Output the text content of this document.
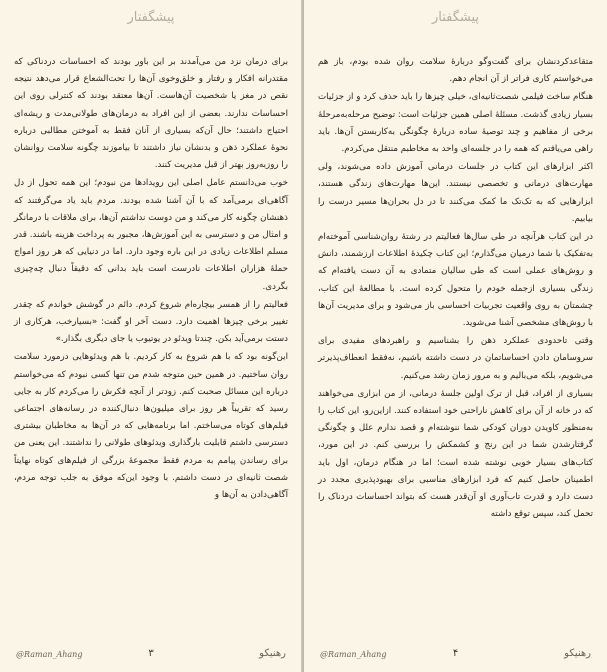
پیشگفتار

برای درمان نزد من می‌آمدند بر این باور بودند که احساسات دردناکی که مقتدرانه افکار و رفتار و خلق‌وخوی آن‌ها را تحت‌الشعاع قرار می‌دهد نتیجه نقص در مغز یا شخصیت آن‌هاست. آن‌ها معتقد بودند که کنترلی روی این احساسات ندارند. بعضی از این افراد به درمان‌های طولانی‌مدت و ریشه‌ای احتیاج داشتند؛ حال آن‌که بسیاری از آنان فقط به آموختن مطالبی درباره نحوهٔ عملکرد ذهن و بدنشان نیاز داشتند تا بیاموزند چگونه سلامت روانشان را روزبه‌روز بهتر از قبل مدیریت کنند.

خوب می‌دانستم عامل اصلی این رویدادها من نبودم؛ این همه تحول از دل آگاهی‌ای برمی‌آمد که با آن آشنا شده بودند. مردم باید یاد می‌گرفتند که ذهنشان چگونه کار می‌کند و من دوست نداشتم آن‌ها، برای ملاقات با درمانگر و امثال من و دسترسی به این آموزش‌ها، مجبور به پرداخت هزینه باشند. قدر مسلم اطلاعات زیادی در این باره وجود دارد. اما در دنیایی که هر روز امواج حملهٔ هزاران اطلاعات نادرست است باید بدانی که دقیقاً دنبال چه‌چیزی بگردی.

فعالیتم را از همسر بیچاره‌ام شروع کردم. دائم در گوشش خواندم که چقدر تغییر برخی چیزها اهمیت دارد. دست آخر او گفت: «بسیارخب، هرکاری از دستت برمی‌آید بکن. چندتا ویدئو در یوتیوب یا جای دیگری بگذار.»

این‌گونه بود که با هم شروع به کار کردیم. با هم ویدئوهایی درمورد سلامت روان ساختیم. در همین حین متوجه شدم من تنها کسی نبودم که می‌خواستم درباره این مسائل صحبت کنم. زودتر از آنچه فکرش را می‌کردم کار به جایی رسید که تقریباً هر روز برای میلیون‌ها دنبال‌کننده در رسانه‌های اجتماعی فیلم‌های کوتاه می‌ساختم. اما برنامه‌هایی که در آن‌ها به مخاطبان بیشتری دسترسی داشتم قابلیت بارگذاری ویدئوهای طولانی را نداشتند. این یعنی من برای رساندن پیامم به مردم فقط مجموعهٔ بزرگی از فیلم‌های کوتاه نهایتاً شصت ثانیه‌ای در دست داشتم. با وجود این‌که موفق به جلب توجه مردم، آگاهی‌دادن به آن‌ها و

@Raman_Ahang	۳	رهنیکو
پیشگفتار

متقاعدکردنشان برای گفت‌وگو دربارهٔ سلامت روان شده بودم، باز هم می‌خواستم کاری فراتر از آن انجام دهم.

هنگام ساخت فیلمی شصت‌ثانیه‌ای، خیلی چیزها را باید حذف کرد و از جزئیات بسیار زیادی گذشت. مسئلهٔ اصلی همین جزئیات است: توضیح مرحله‌به‌مرحلهٔ برخی از مفاهیم و چند توصیهٔ ساده دربارهٔ چگونگی به‌کاربستن آن‌ها. باید راهی می‌یافتم که همه را در جلسه‌ای واحد به مخاطبم منتقل می‌کردم.

اکثر ابزارهای این کتاب در جلسات درمانی آموزش داده می‌شوند، ولی مهارت‌های درمانی و تخصصی نیستند. این‌ها مهارت‌های زندگی هستند، ابزارهایی که به تک‌تک ما کمک می‌کنند تا در دل بحران‌ها مسیر درست را بیابیم.

در این کتاب هرآنچه در طی سال‌ها فعالیتم در رشتهٔ روان‌شناسی آموخته‌ام به‌تفکیک با شما درمیان می‌گذارم؛ این کتاب چکیدهٔ اطلاعات ارزشمند، دانش و روش‌های عملی است که طی سالیان متمادی به آن دست یافته‌ام که زندگی بسیاری ازجمله خودم را متحول کرده است. با مطالعهٔ این کتاب، چشمتان به روی واقعیت تجربیات احساسی باز می‌شود و برای مدیریت آن‌ها با روش‌های مشخصی آشنا می‌شوید.

وقتی تاحدودی عملکرد ذهن را بشناسیم و راهبردهای مفیدی برای سروسامان دادن احساساتمان در دست داشته باشیم، نه‌فقط انعطاف‌پذیرتر می‌شویم، بلکه می‌بالیم و به مرور زمان رشد می‌کنیم.

بسیاری از افراد، قبل از ترک اولین جلسهٔ درمانی، از من ابزاری می‌خواهند که در خانه از آن برای کاهش ناراحتی خود استفاده کنند. ازاین‌رو، این کتاب را به‌منظور کاویدن دوران کودکی شما ننوشته‌ام و قصد ندارم علل و چگونگی گرفتارشدن شما در این رنج و کشمکش را بررسی کنم. در این مورد، کتاب‌های بسیار خوبی نوشته شده است؛ اما در هنگام درمان، اول باید اطمینان حاصل کنیم که فرد ابزارهای مناسبی برای بهبودپذیری مجدد در دست دارد و قدرت تاب‌آوری او آن‌قدر هست که بتواند احساسات دردناک را تحمل کند، سپس توقع داشته

@Raman_Ahang	۴	رهنیکو
